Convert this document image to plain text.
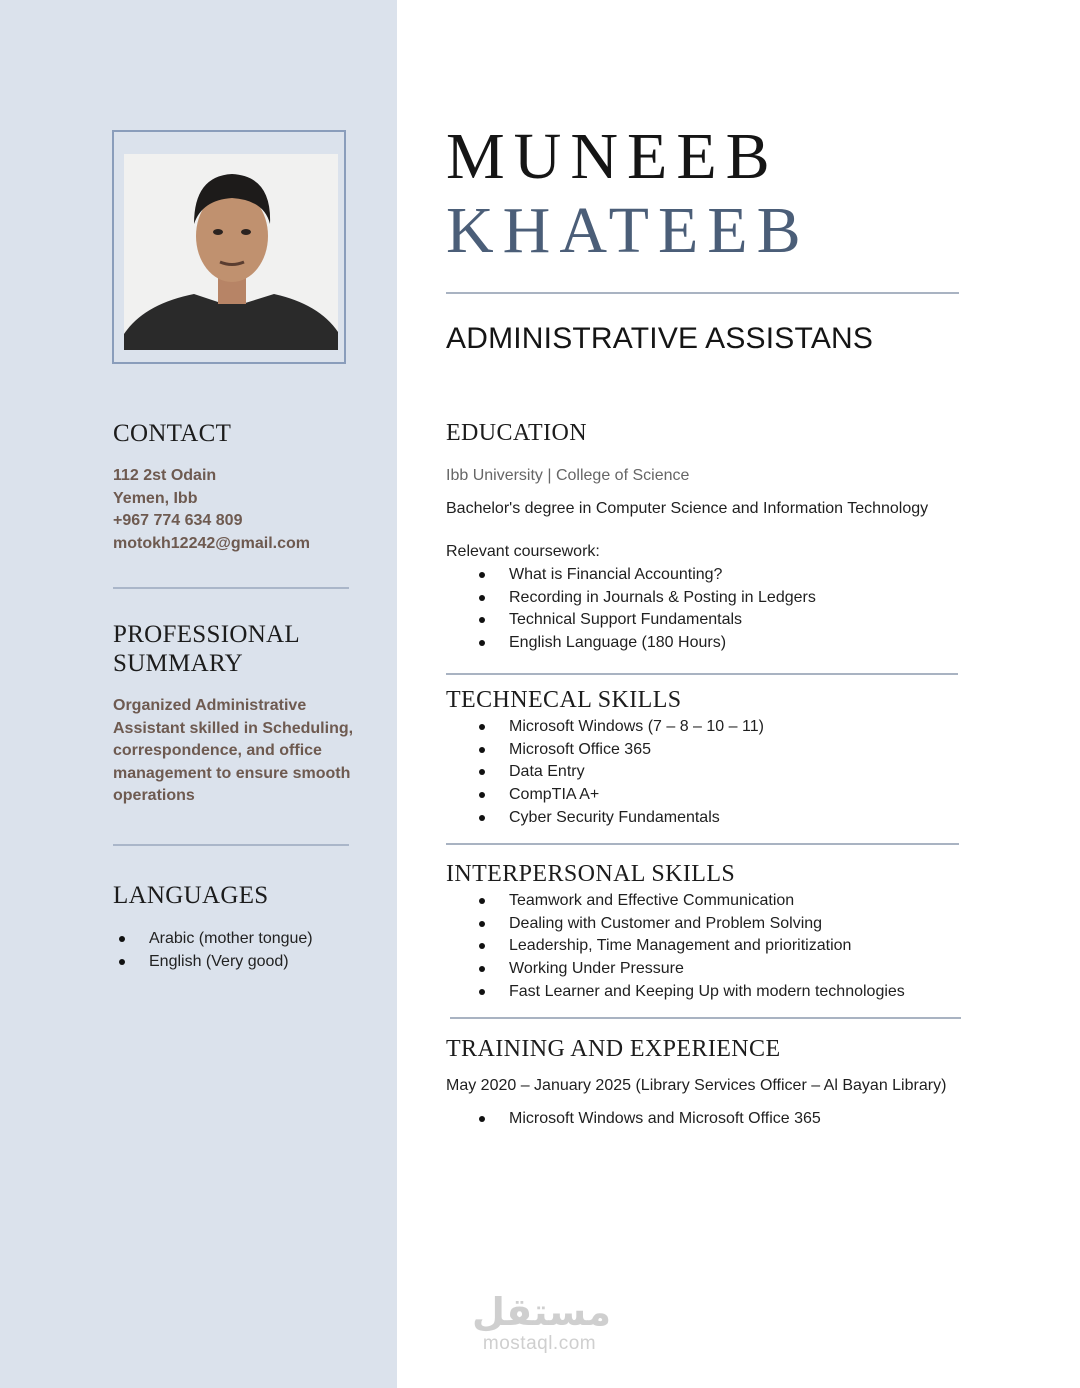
CONTACT
112 2st Odain
Yemen, Ibb
+967 774 634 809
motokh12242@gmail.com
PROFESSIONAL
SUMMARY
Organized Administrative Assistant skilled in Scheduling, correspondence, and office management to ensure smooth operations
LANGUAGES
Arabic (mother tongue)
English (Very good)
MUNEEB
KHATEEB
ADMINISTRATIVE ASSISTANS
EDUCATION
Ibb University | College of Science
Bachelor's degree in Computer Science and Information Technology
Relevant coursework:
What is Financial Accounting?
Recording in Journals & Posting in Ledgers
Technical Support Fundamentals
English Language (180 Hours)
TECHNECAL SKILLS
Microsoft Windows (7 – 8 – 10 – 11)
Microsoft Office 365
Data Entry
CompTIA A+
Cyber Security Fundamentals
INTERPERSONAL SKILLS
Teamwork and Effective Communication
Dealing with Customer and Problem Solving
Leadership, Time Management and prioritization
Working Under Pressure
Fast Learner and Keeping Up with modern technologies
TRAINING AND EXPERIENCE
May 2020 – January 2025 (Library Services Officer – Al Bayan Library)
Microsoft Windows and Microsoft Office 365
مستقل
mostaql.com
